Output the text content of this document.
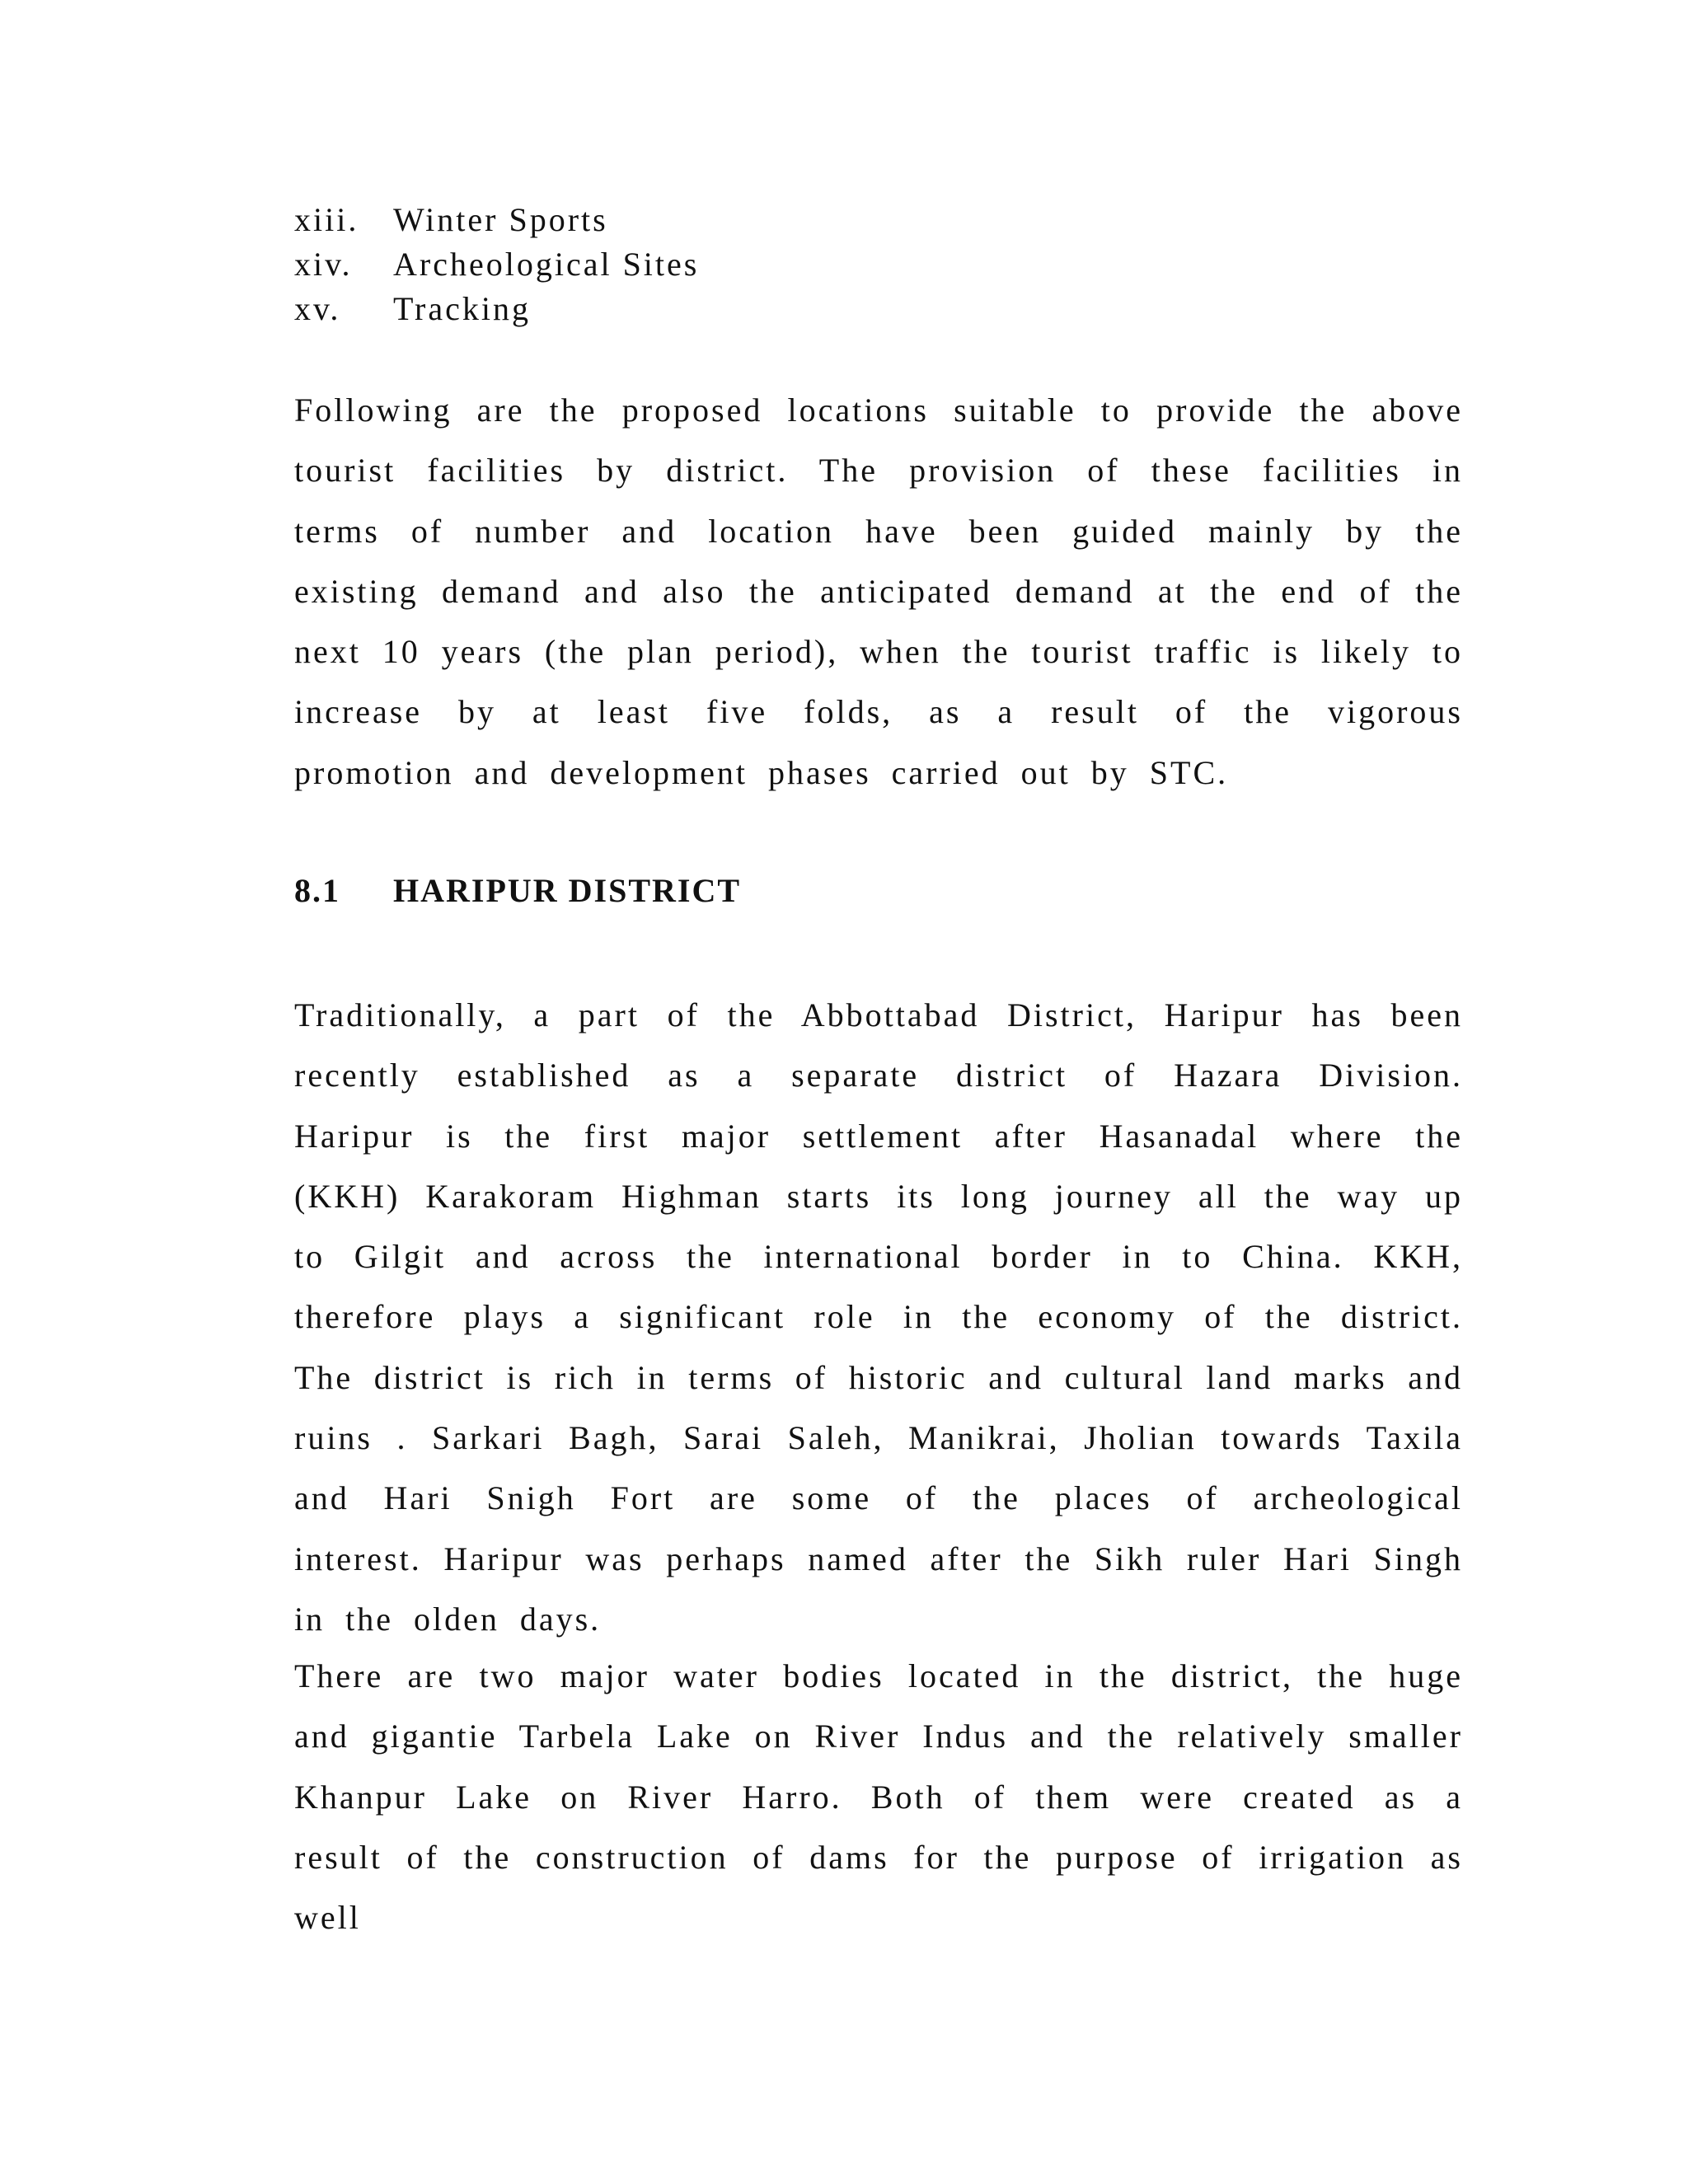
xiii.	Winter Sports
xiv.	Archeological Sites
xv.	Tracking

Following are the proposed locations suitable to provide the above tourist facilities by district. The provision of these facilities in terms of number and location have been guided mainly by the existing demand and also the anticipated demand at the end of the next 10 years (the plan period), when the tourist traffic is likely to increase by at least five folds, as a result of the vigorous promotion and development phases carried out by STC.

8.1	HARIPUR DISTRICT

Traditionally, a part of the Abbottabad District, Haripur has been recently established as a separate district of Hazara Division. Haripur is the first major settlement after Hasanadal where the (KKH) Karakoram Highman starts its long journey all the way up to Gilgit and across the international border in to China. KKH, therefore plays a significant role in the economy of the district. The district is rich in terms of historic and cultural land marks and ruins . Sarkari Bagh, Sarai Saleh, Manikrai, Jholian towards Taxila and Hari Snigh Fort are some of the places of archeological interest. Haripur was perhaps named after the Sikh ruler Hari Singh in the olden days.

There are two major water bodies located in the district, the huge and gigantie Tarbela Lake on River Indus and the relatively smaller Khanpur Lake on River Harro. Both of them were created as a result of the construction of dams for the purpose of irrigation as well
